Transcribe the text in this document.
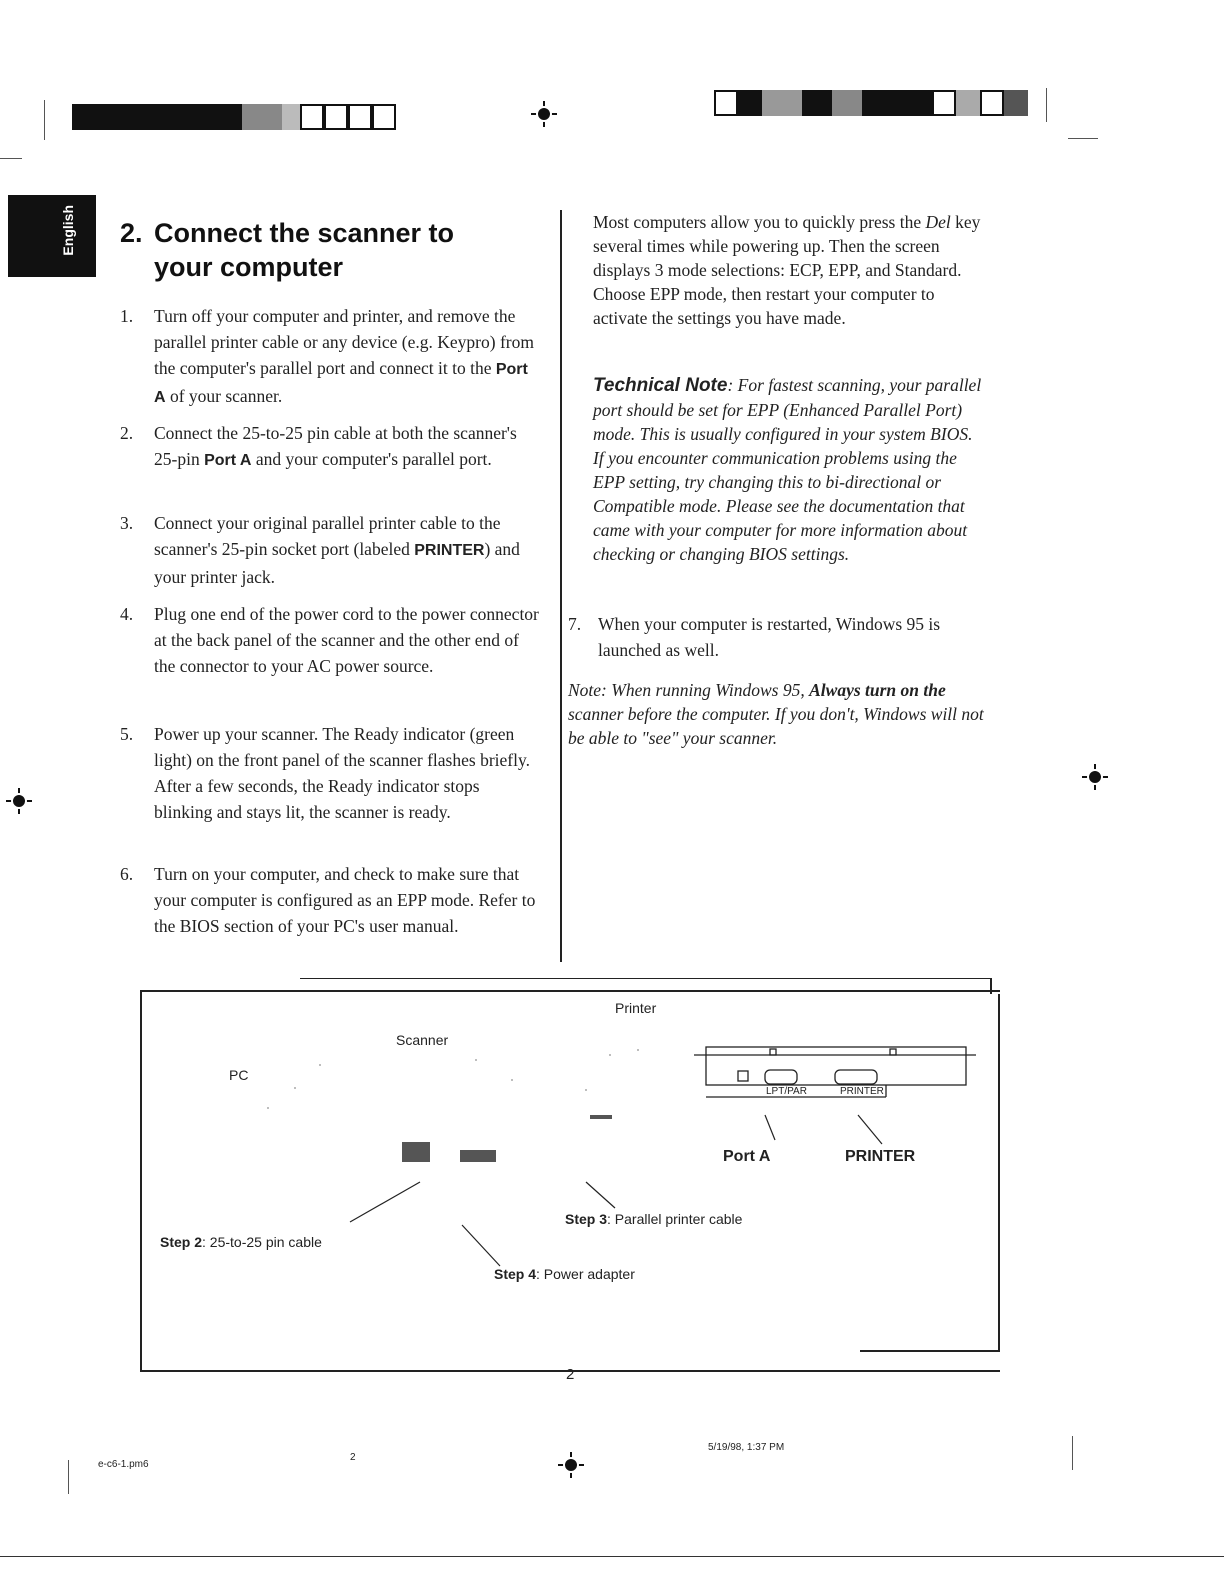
English 2. Connect the scanner to
your computer
1. Turn off your computer and printer, and remove the parallel printer cable or any device (e.g. Keypro) from the computer's parallel port and connect it to the Port A of your scanner.
2. Connect the 25-to-25 pin cable at both the scanner's 25-pin Port A and your computer's parallel port.
3. Connect your original parallel printer cable to the scanner's 25-pin socket port (labeled PRINTER) and your printer jack.
4. Plug one end of the power cord to the power connector at the back panel of the scanner and the other end of the connector to your AC power source.
5. Power up your scanner. The Ready indicator (green light) on the front panel of the scanner flashes briefly. After a few seconds, the Ready indicator stops blinking and stays lit, the scanner is ready.
6. Turn on your computer, and check to make sure that your computer is configured as an EPP mode. Refer to the BIOS section of your PC's user manual.
Most computers allow you to quickly press the Del key several times while powering up. Then the screen displays 3 mode selections: ECP, EPP, and Standard. Choose EPP mode, then restart your computer to activate the settings you have made.
Technical Note: For fastest scanning, your parallel port should be set for EPP (Enhanced Parallel Port) mode. This is usually configured in your system BIOS. If you encounter communication problems using the EPP setting, try changing this to bi-directional or Compatible mode. Please see the documentation that came with your computer for more information about checking or changing BIOS settings.
7. When your computer is restarted, Windows 95 is launched as well.
Note: When running Windows 95, Always turn on the scanner before the computer. If you don't, Windows will not be able to "see" your scanner.
Printer
Scanner
PC
LPT/PAR	PRINTER
Port A	PRINTER
Step 2: 25-to-25 pin cable
Step 3: Parallel printer cable
Step 4: Power adapter
2
e-c6-1.pm6
2
5/19/98, 1:37 PM
